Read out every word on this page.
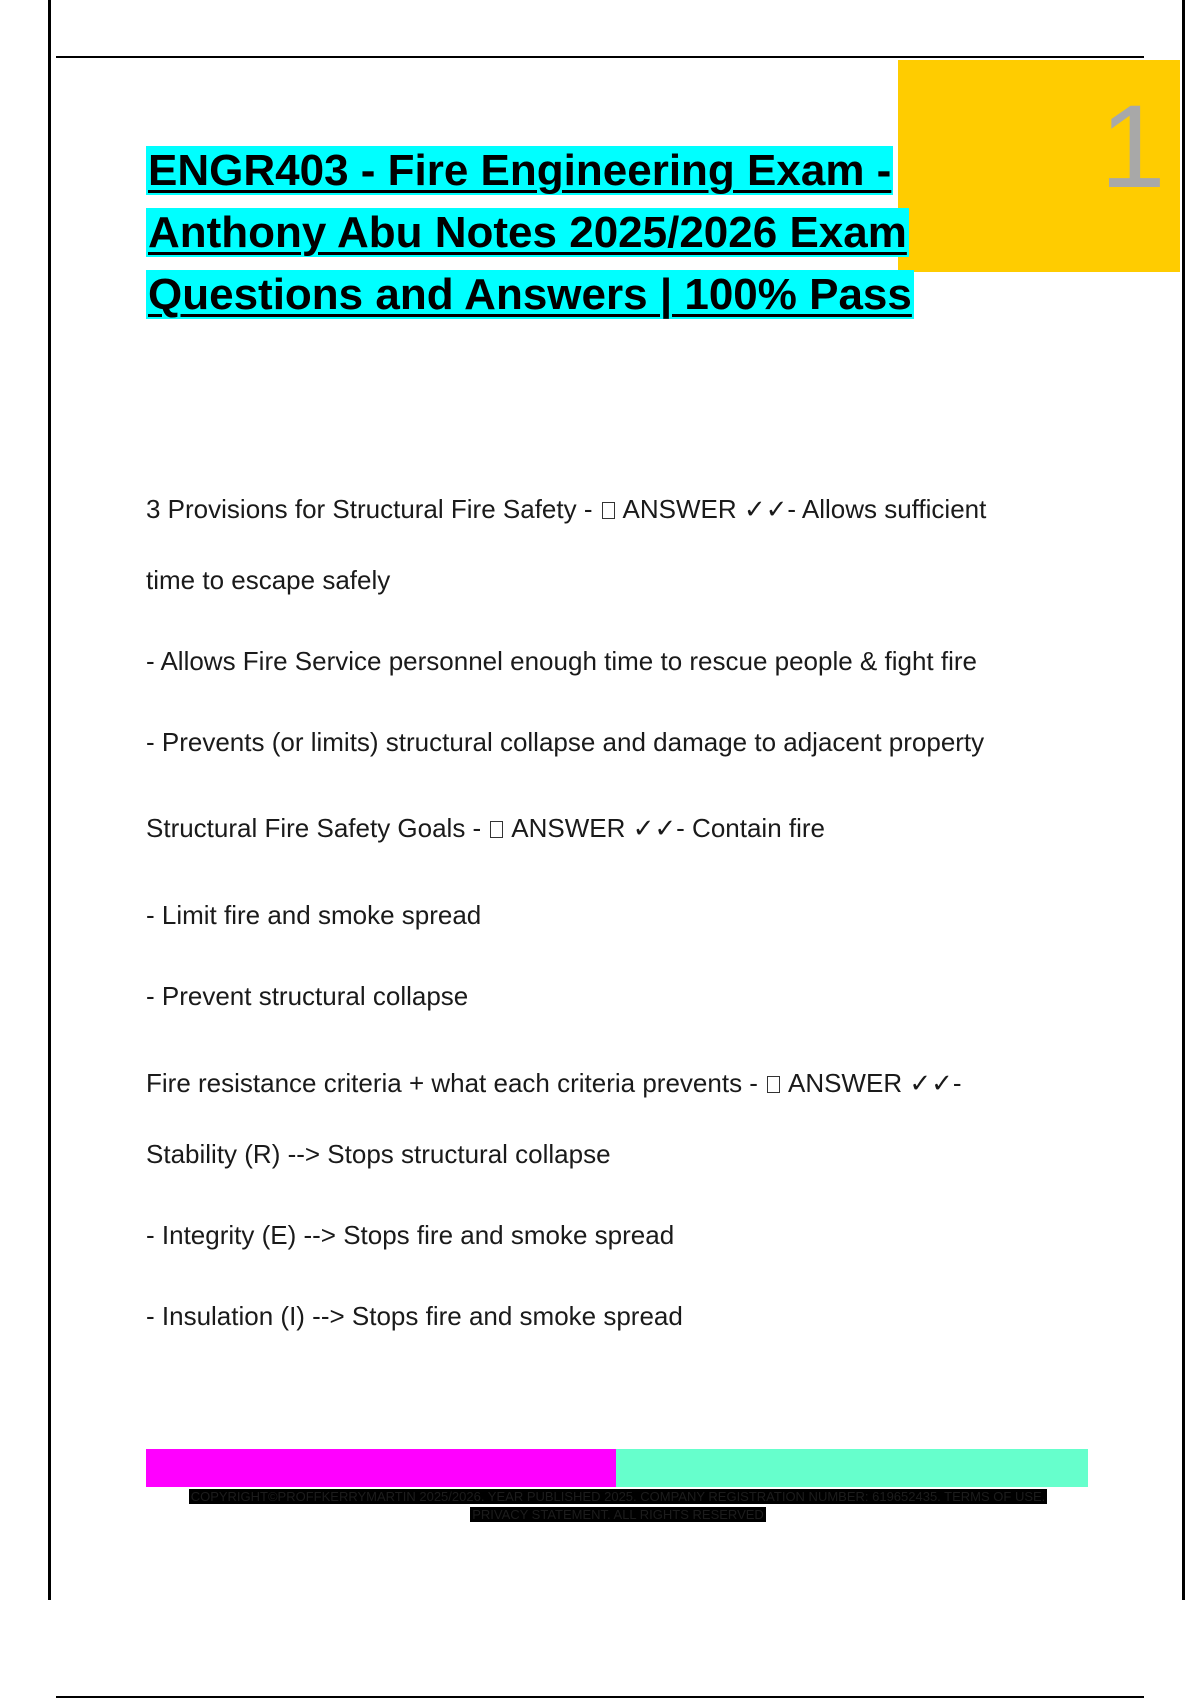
1
ENGR403 - Fire Engineering Exam - Anthony Abu Notes 2025/2026 Exam Questions and Answers | 100% Pass
3 Provisions for Structural Fire Safety -  ANSWER ✓✓- Allows sufficient
time to escape safely
- Allows Fire Service personnel enough time to rescue people & fight fire
- Prevents (or limits) structural collapse and damage to adjacent property
Structural Fire Safety Goals -  ANSWER ✓✓- Contain fire
- Limit fire and smoke spread
- Prevent structural collapse
Fire resistance criteria + what each criteria prevents -  ANSWER ✓✓-
Stability (R) --> Stops structural collapse
- Integrity (E) --> Stops fire and smoke spread
- Insulation (I) --> Stops fire and smoke spread

COPYRIGHT©PROFFKERRYMARTIN 2025/2026. YEAR PUBLISHED 2025. COMPANY REGISTRATION NUMBER: 619652435. TERMS OF USE. PRIVACY STATEMENT. ALL RIGHTS RESERVED
